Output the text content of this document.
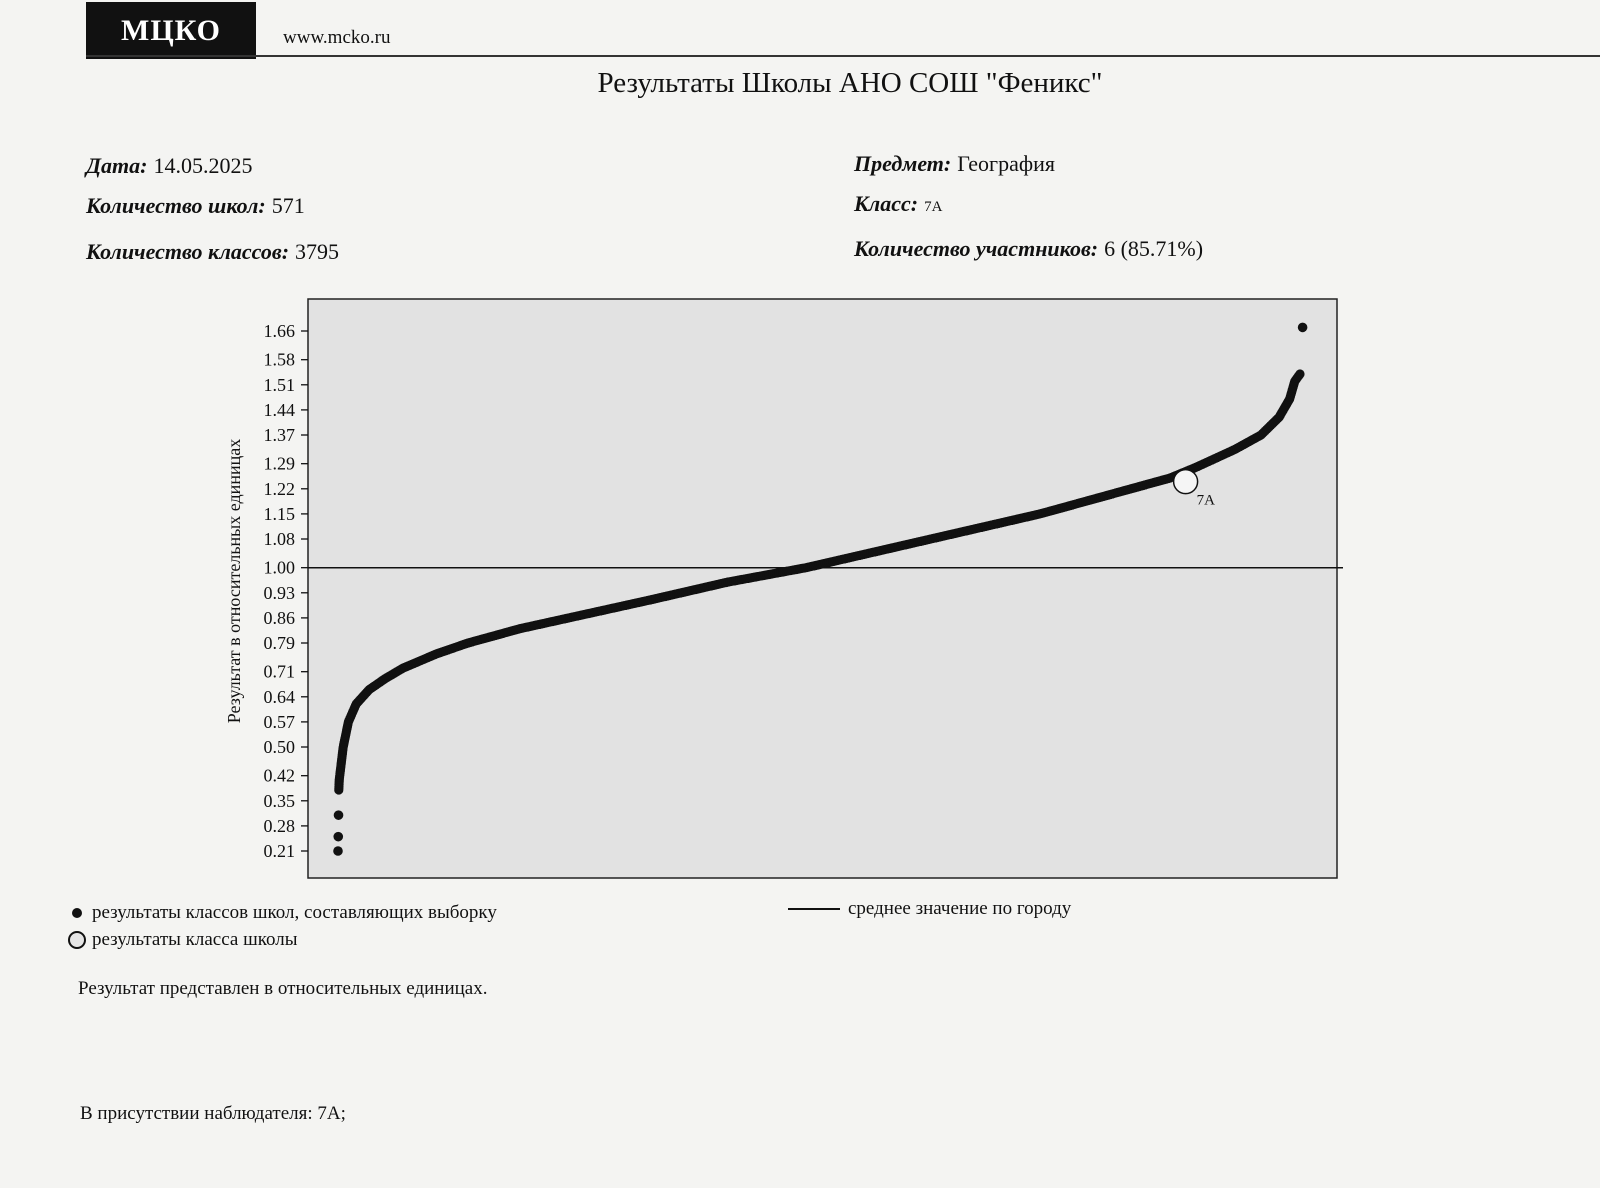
МЦКО	www.mcko.ru
Результаты Школы АНО СОШ "Феникс"
Дата: 14.05.2025
Количество школ: 571
Количество классов: 3795
Предмет: География
Класс: 7А
Количество участников: 6 (85.71%)
0.21
0.28
0.35
0.42
0.50
0.57
0.64
0.71
0.79
0.86
0.93
1.00
1.08
1.15
1.22
1.29
1.37
1.44
1.51
1.58
1.66
7А
Результат в относительных единицах
результаты классов школ, составляющих выборку
результаты класса школы
среднее значение по городу
Результат представлен в относительных единицах.
В присутствии наблюдателя: 7А;
